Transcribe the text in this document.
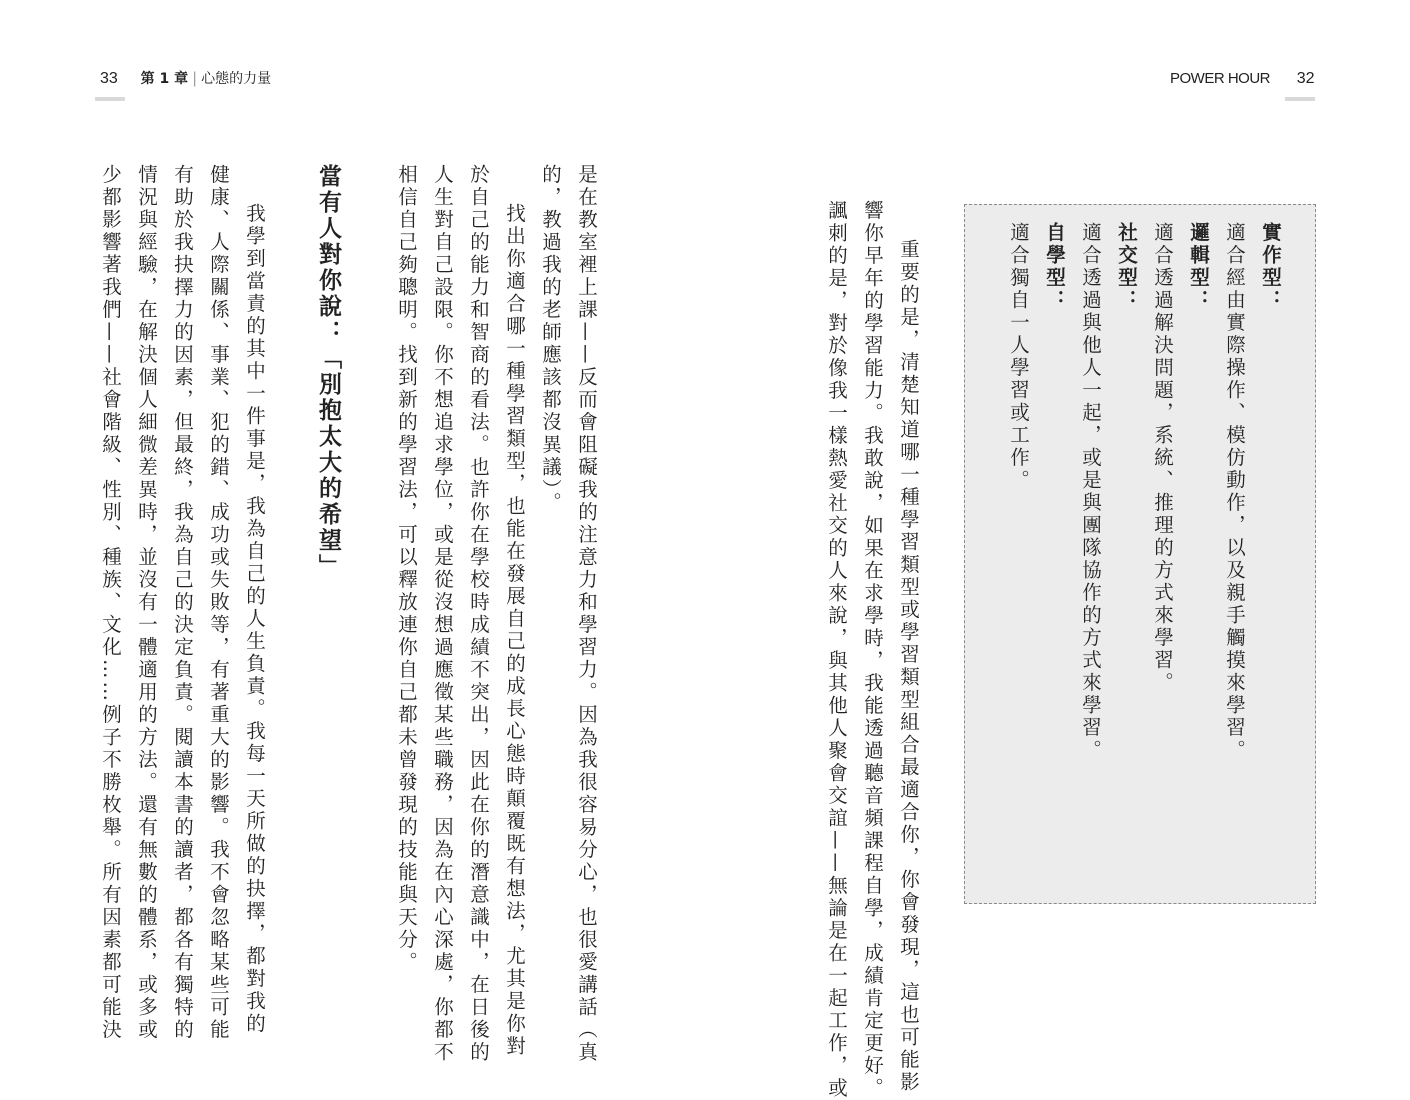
33 第 1 章 | 心態的力量	POWER HOUR 32

實作型：

適合經由實際操作、模仿動作，以及親手觸摸來學習。

邏輯型：

適合透過解決問題，系統、推理的方式來學習。

社交型：

適合透過與他人一起，或是與團隊協作的方式來學習。

自學型：

適合獨自一人學習或工作。

重要的是，清楚知道哪一種學習類型或學習類型組合最適合你，你會發現，這也可能影

響你早年的學習能力。我敢說，如果在求學時，我能透過聽音頻課程自學，成績肯定更好。

諷刺的是，對於像我一樣熱愛社交的人來說，與其他人聚會交誼——無論是在一起工作，或

是在教室裡上課——反而會阻礙我的注意力和學習力。因為我很容易分心，也很愛講話（真

的，教過我的老師應該都沒異議）。

找出你適合哪一種學習類型，也能在發展自己的成長心態時顛覆既有想法，尤其是你對

於自己的能力和智商的看法。也許你在學校時成績不突出，因此在你的潛意識中，在日後的

人生對自己設限。你不想追求學位，或是從沒想過應徵某些職務，因為在內心深處，你都不

相信自己夠聰明。找到新的學習法，可以釋放連你自己都未曾發現的技能與天分。

當有人對你說：「別抱太大的希望」

我學到當責的其中一件事是，我為自己的人生負責。我每一天所做的抉擇，都對我的

健康、人際關係、事業、犯的錯、成功或失敗等，有著重大的影響。我不會忽略某些可能

有助於我抉擇力的因素，但最終，我為自己的決定負責。閱讀本書的讀者，都各有獨特的

情況與經驗，在解決個人細微差異時，並沒有一體適用的方法。還有無數的體系，或多或

少都影響著我們——社會階級、性別、種族、文化……例子不勝枚舉。所有因素都可能決
